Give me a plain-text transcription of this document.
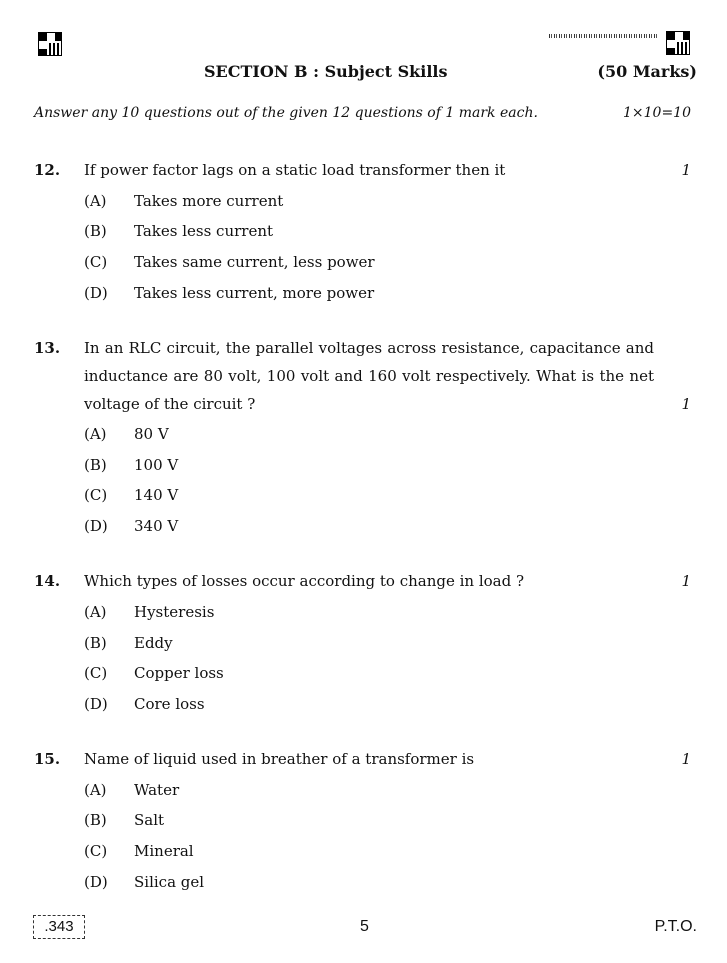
SECTION B : Subject Skills	(50 Marks)
Answer any 10 questions out of the given 12 questions of 1 mark each.	1×10=10
12. If power factor lags on a static load transformer then it	1
(A) Takes more current
(B) Takes less current
(C) Takes same current, less power
(D) Takes less current, more power
13. In an RLC circuit, the parallel voltages across resistance, capacitance and inductance are 80 volt, 100 volt and 160 volt respectively. What is the net voltage of the circuit ?	1
(A) 80 V
(B) 100 V
(C) 140 V
(D) 340 V
14. Which types of losses occur according to change in load ?	1
(A) Hysteresis
(B) Eddy
(C) Copper loss
(D) Core loss
15. Name of liquid used in breather of a transformer is	1
(A) Water
(B) Salt
(C) Mineral
(D) Silica gel
.343	5	P.T.O.
